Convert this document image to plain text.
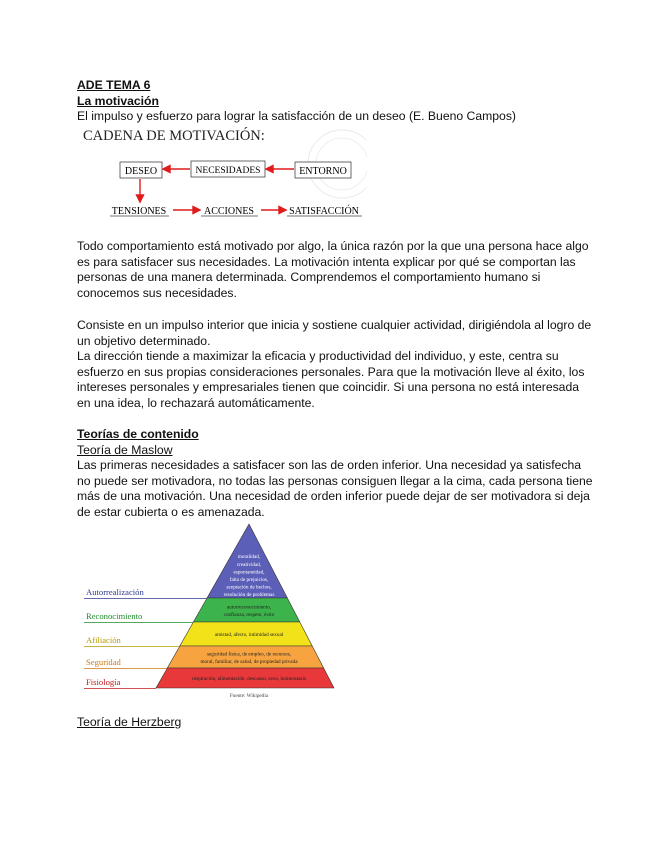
ADE TEMA 6
La motivación
El impulso y esfuerzo para lograr la satisfacción de un deseo (E. Bueno Campos)
CADENA DE MOTIVACIÓN:
DESEO	NECESIDADES	ENTORNO
TENSIONES	ACCIONES	SATISFACCIÓN
Todo comportamiento está motivado por algo, la única razón por la que una persona hace algo
es para satisfacer sus necesidades. La motivación intenta explicar por qué se comportan las
personas de una manera determinada. Comprendemos el comportamiento humano si
conocemos sus necesidades.
Consiste en un impulso interior que inicia y sostiene cualquier actividad, dirigiéndola al logro de
un objetivo determinado.
La dirección tiende a maximizar la eficacia y productividad del individuo, y este, centra su
esfuerzo en sus propias consideraciones personales. Para que la motivación lleve al éxito, los
intereses personales y empresariales tienen que coincidir. Si una persona no está interesada
en una idea, lo rechazará automáticamente.
Teorías de contenido
Teoría de Maslow
Las primeras necesidades a satisfacer son las de orden inferior. Una necesidad ya satisfecha
no puede ser motivadora, no todas las personas consiguen llegar a la cima, cada persona tiene
más de una motivación. Una necesidad de orden inferior puede dejar de ser motivadora si deja
de estar cubierta o es amenazada.
moralidad,
creatividad,
espontaneidad,
falta de prejuicios,
aceptación de hechos,
resolución de problemas
Autorrealización
autorreconocimiento,
confianza, respeto, éxito
Reconocimiento
amistad, afecto, intimidad sexual
Afiliación
seguridad física, de empleo, de recursos,
moral, familiar, de salud, de propiedad privada
Seguridad
respiración, alimentación, descanso, sexo, homeostasis
Fisiología
Fuente: Wikipedia
Teoría de Herzberg
